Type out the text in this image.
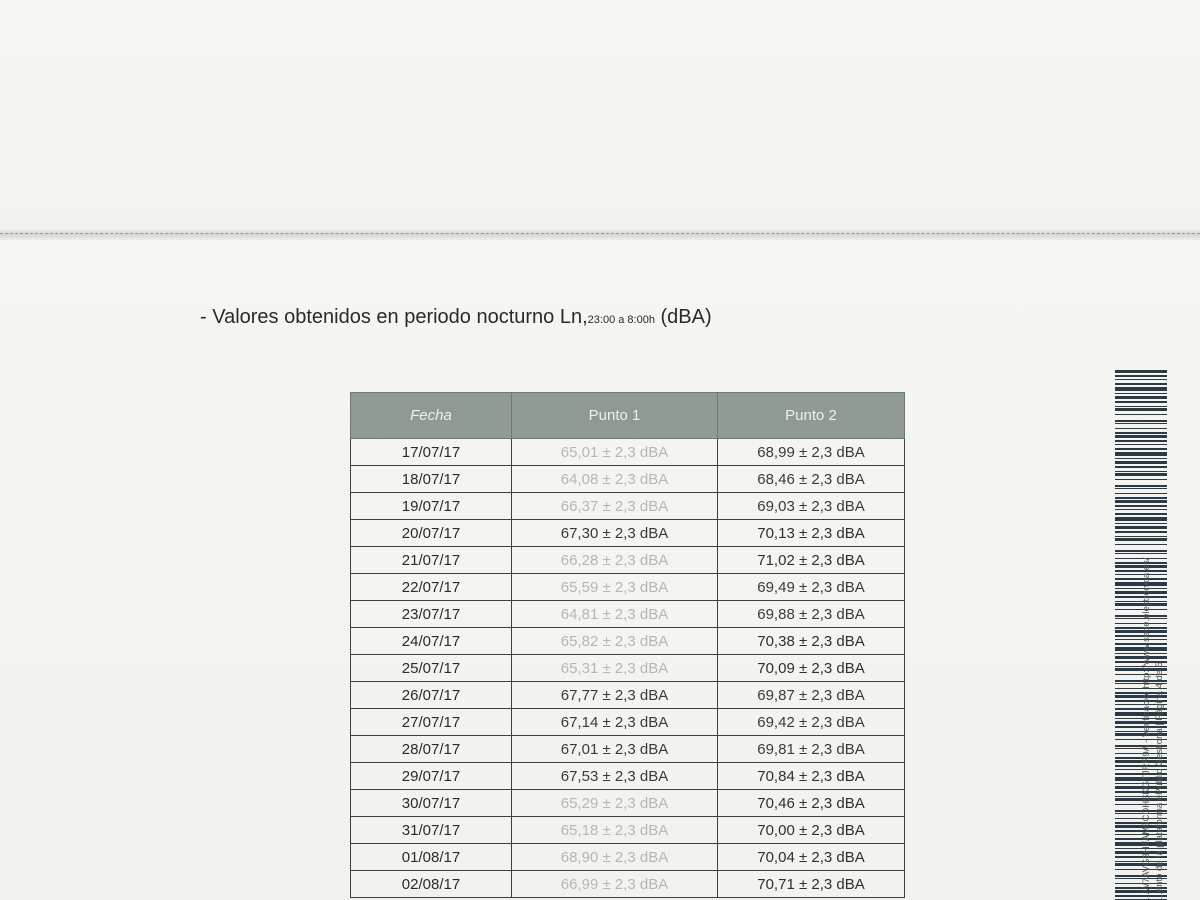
- Valores obtenidos en periodo nocturno Ln,23:00 a 8:00h (dBA)
Fecha	Punto 1	Punto 2
17/07/17	65,01 ± 2,3 dBA	68,99 ± 2,3 dBA
18/07/17	64,08 ± 2,3 dBA	68,46 ± 2,3 dBA
19/07/17	66,37 ± 2,3 dBA	69,03 ± 2,3 dBA
20/07/17	67,30 ± 2,3 dBA	70,13 ± 2,3 dBA
21/07/17	66,28 ± 2,3 dBA	71,02 ± 2,3 dBA
22/07/17	65,59 ± 2,3 dBA	69,49 ± 2,3 dBA
23/07/17	64,81 ± 2,3 dBA	69,88 ± 2,3 dBA
24/07/17	65,82 ± 2,3 dBA	70,38 ± 2,3 dBA
25/07/17	65,31 ± 2,3 dBA	70,09 ± 2,3 dBA
26/07/17	67,77 ± 2,3 dBA	69,87 ± 2,3 dBA
27/07/17	67,14 ± 2,3 dBA	69,42 ± 2,3 dBA
28/07/17	67,01 ± 2,3 dBA	69,81 ± 2,3 dBA
29/07/17	67,53 ± 2,3 dBA	70,84 ± 2,3 dBA
30/07/17	65,29 ± 2,3 dBA	70,46 ± 2,3 dBA
31/07/17	65,18 ± 2,3 dBA	70,00 ± 2,3 dBA
01/08/17	68,90 ± 2,3 dBA	70,04 ± 2,3 dBA
02/08/17	66,99 ± 2,3 dBA	70,71 ± 2,3 dBA	...W7AVG3HFAM5CDHSKGTJRR9A - Verificació: http://www.sede.electronica.es/ ...ento de la plataforma ePúblic Gestiona | Página 4 de 5
